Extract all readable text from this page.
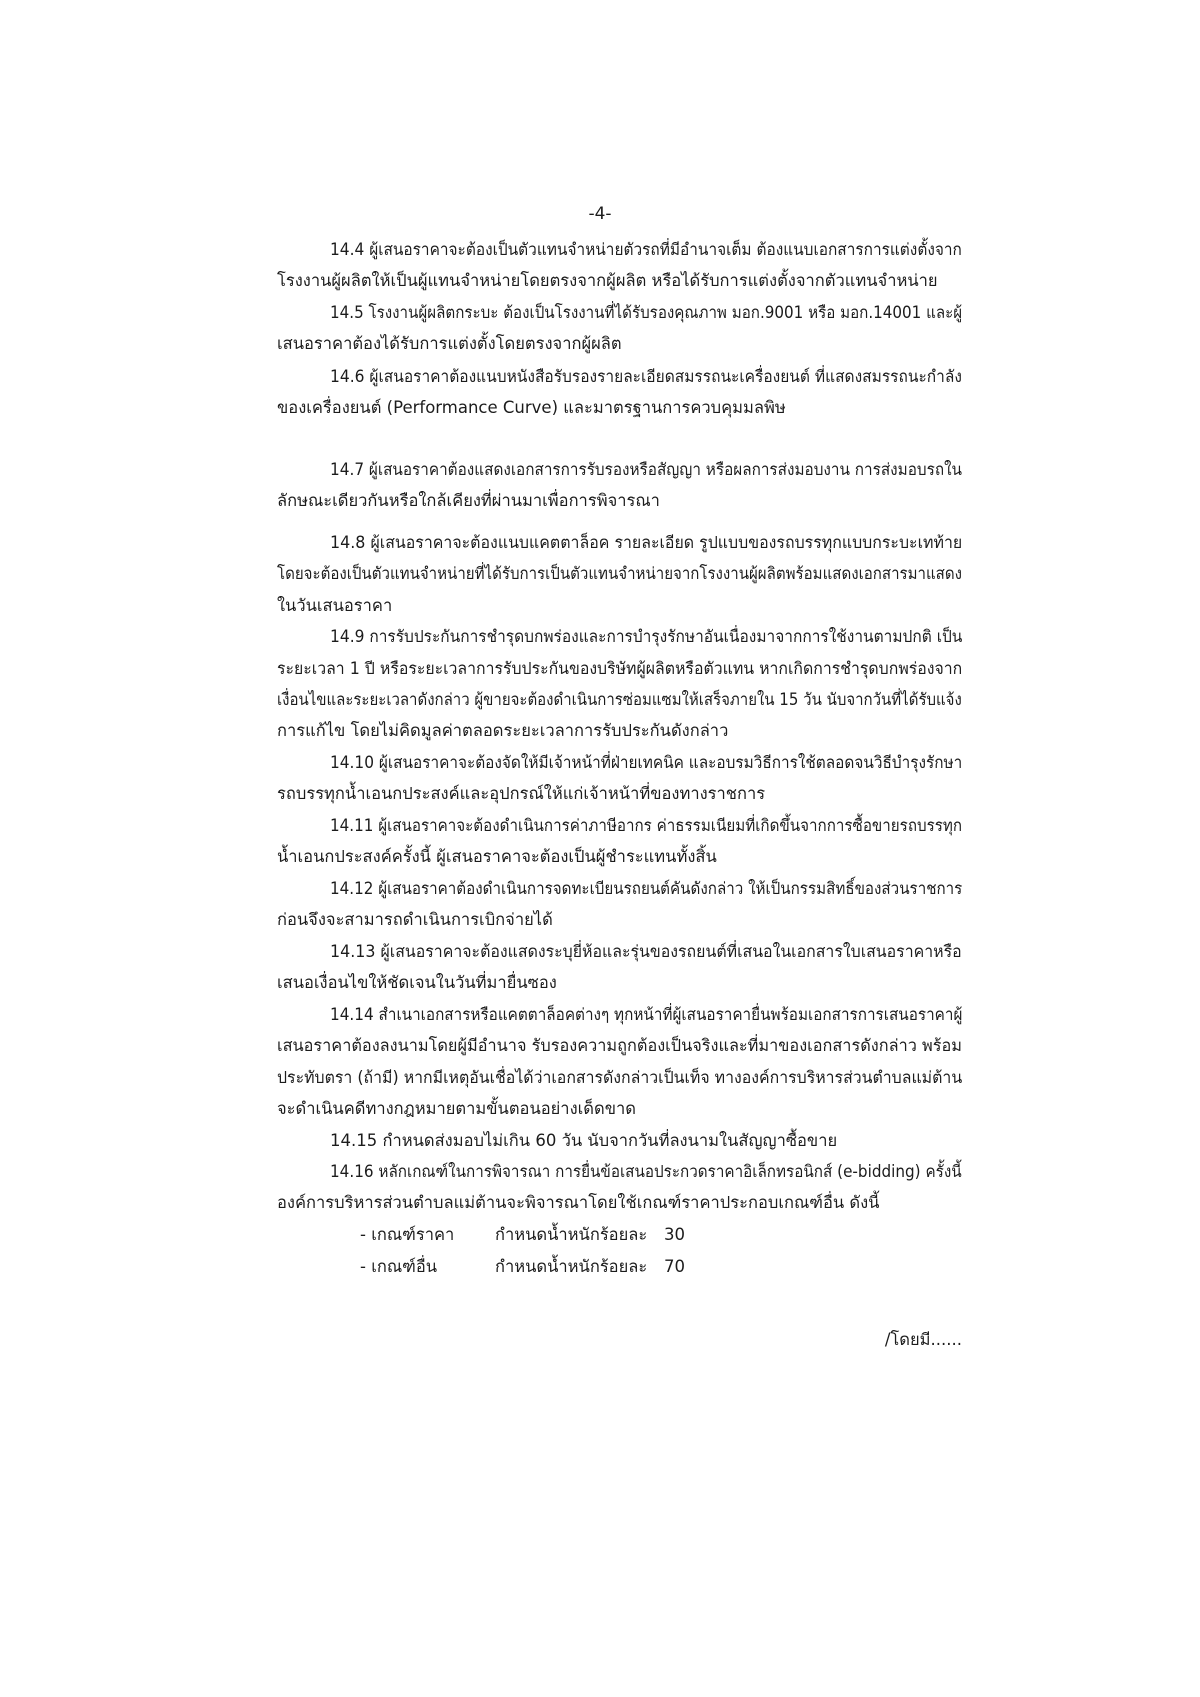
-4-
14.4 ผู้เสนอราคาจะต้องเป็นตัวแทนจำหน่ายตัวรถที่มีอำนาจเต็ม ต้องแนบเอกสารการแต่งตั้งจาก
โรงงานผู้ผลิตให้เป็นผู้แทนจำหน่ายโดยตรงจากผู้ผลิต หรือได้รับการแต่งตั้งจากตัวแทนจำหน่าย
14.5 โรงงานผู้ผลิตกระบะ ต้องเป็นโรงงานที่ได้รับรองคุณภาพ มอก.9001 หรือ มอก.14001 และผู้
เสนอราคาต้องได้รับการแต่งตั้งโดยตรงจากผู้ผลิต
14.6 ผู้เสนอราคาต้องแนบหนังสือรับรองรายละเอียดสมรรถนะเครื่องยนต์ ที่แสดงสมรรถนะกำลัง
ของเครื่องยนต์ (Performance Curve) และมาตรฐานการควบคุมมลพิษ
14.7 ผู้เสนอราคาต้องแสดงเอกสารการรับรองหรือสัญญา หรือผลการส่งมอบงาน การส่งมอบรถใน
ลักษณะเดียวกันหรือใกล้เคียงที่ผ่านมาเพื่อการพิจารณา
14.8 ผู้เสนอราคาจะต้องแนบแคตตาล็อค รายละเอียด รูปแบบของรถบรรทุกแบบกระบะเทท้าย
โดยจะต้องเป็นตัวแทนจำหน่ายที่ได้รับการเป็นตัวแทนจำหน่ายจากโรงงานผู้ผลิตพร้อมแสดงเอกสารมาแสดง
ในวันเสนอราคา
14.9 การรับประกันการชำรุดบกพร่องและการบำรุงรักษาอันเนื่องมาจากการใช้งานตามปกติ เป็น
ระยะเวลา 1 ปี หรือระยะเวลาการรับประกันของบริษัทผู้ผลิตหรือตัวแทน หากเกิดการชำรุดบกพร่องจาก
เงื่อนไขและระยะเวลาดังกล่าว ผู้ขายจะต้องดำเนินการซ่อมแซมให้เสร็จภายใน 15 วัน นับจากวันที่ได้รับแจ้ง
การแก้ไข โดยไม่คิดมูลค่าตลอดระยะเวลาการรับประกันดังกล่าว
14.10 ผู้เสนอราคาจะต้องจัดให้มีเจ้าหน้าที่ฝ่ายเทคนิค และอบรมวิธีการใช้ตลอดจนวิธีบำรุงรักษา
รถบรรทุกน้ำเอนกประสงค์และอุปกรณ์ให้แก่เจ้าหน้าที่ของทางราชการ
14.11 ผู้เสนอราคาจะต้องดำเนินการค่าภาษีอากร ค่าธรรมเนียมที่เกิดขึ้นจากการซื้อขายรถบรรทุก
น้ำเอนกประสงค์ครั้งนี้ ผู้เสนอราคาจะต้องเป็นผู้ชำระแทนทั้งสิ้น
14.12 ผู้เสนอราคาต้องดำเนินการจดทะเบียนรถยนต์คันดังกล่าว ให้เป็นกรรมสิทธิ์ของส่วนราชการ
ก่อนจึงจะสามารถดำเนินการเบิกจ่ายได้
14.13 ผู้เสนอราคาจะต้องแสดงระบุยี่ห้อและรุ่นของรถยนต์ที่เสนอในเอกสารใบเสนอราคาหรือ
เสนอเงื่อนไขให้ชัดเจนในวันที่มายื่นซอง
14.14 สำเนาเอกสารหรือแคตตาล็อคต่างๆ ทุกหน้าที่ผู้เสนอราคายื่นพร้อมเอกสารการเสนอราคาผู้
เสนอราคาต้องลงนามโดยผู้มีอำนาจ รับรองความถูกต้องเป็นจริงและที่มาของเอกสารดังกล่าว พร้อม
ประทับตรา (ถ้ามี) หากมีเหตุอันเชื่อได้ว่าเอกสารดังกล่าวเป็นเท็จ ทางองค์การบริหารส่วนตำบลแม่ต้าน
จะดำเนินคดีทางกฎหมายตามขั้นตอนอย่างเด็ดขาด
14.15 กำหนดส่งมอบไม่เกิน 60 วัน นับจากวันที่ลงนามในสัญญาซื้อขาย
14.16 หลักเกณฑ์ในการพิจารณา การยื่นข้อเสนอประกวดราคาอิเล็กทรอนิกส์ (e-bidding) ครั้งนี้
องค์การบริหารส่วนตำบลแม่ต้านจะพิจารณาโดยใช้เกณฑ์ราคาประกอบเกณฑ์อื่น ดังนี้
- เกณฑ์ราคา กำหนดน้ำหนักร้อยละ 30
- เกณฑ์อื่น	กำหนดน้ำหนักร้อยละ 70
/โดยมี......
